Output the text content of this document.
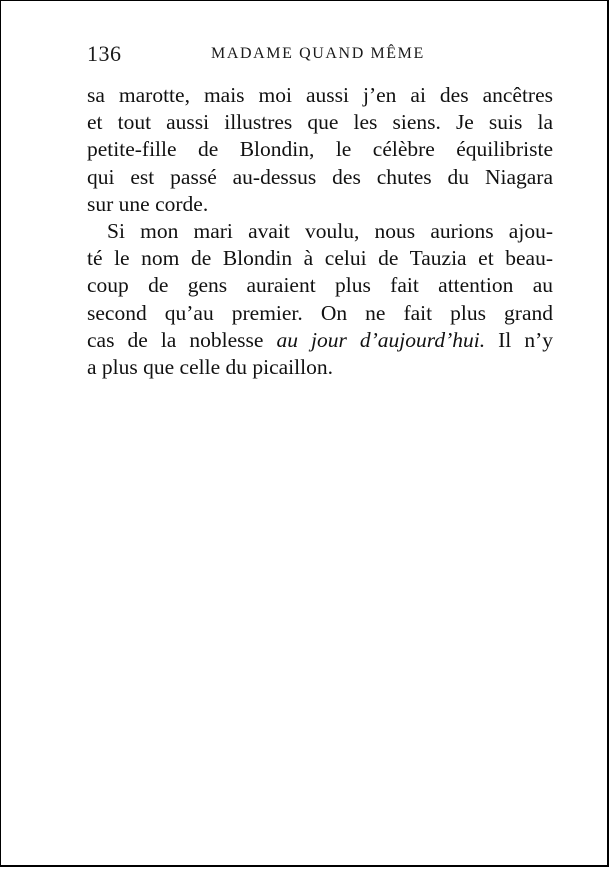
136	MADAME QUAND MÊME
sa marotte, mais moi aussi j’en ai des ancêtres
et tout aussi illustres que les siens. Je suis la
petite-fille de Blondin, le célèbre équilibriste
qui est passé au-dessus des chutes du Niagara
sur une corde.
Si mon mari avait voulu, nous aurions ajou-
té le nom de Blondin à celui de Tauzia et beau-
coup de gens auraient plus fait attention au
second qu’au premier. On ne fait plus grand
cas de la noblesse au jour d’aujourd’hui. Il n’y
a plus que celle du picaillon.
